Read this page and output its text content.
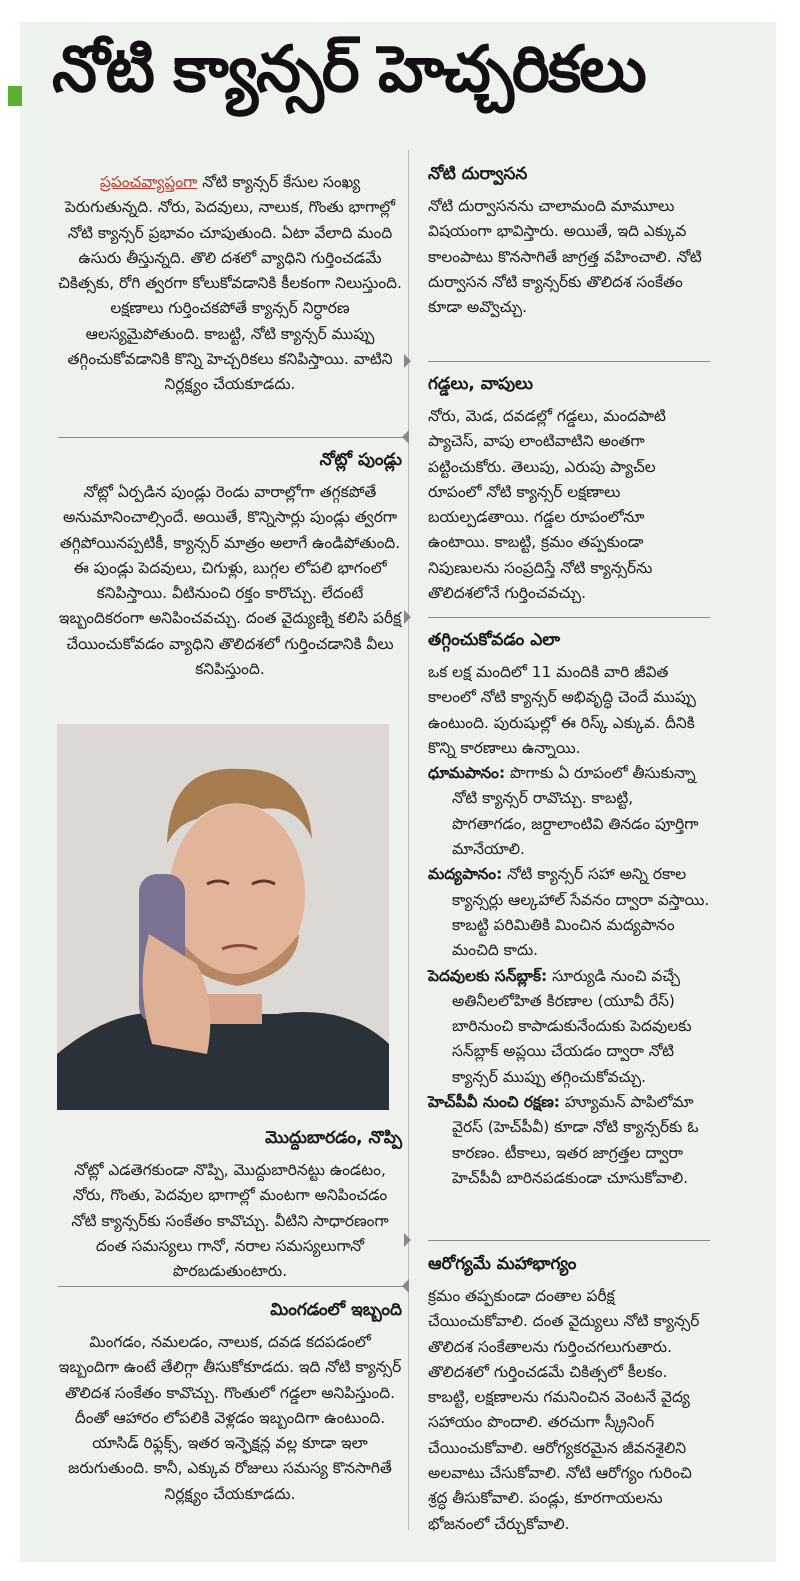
నోటి క్యాన్సర్ హెచ్చరికలు

ప్రపంచవ్యాప్తంగా నోటి క్యాన్సర్ కేసుల సంఖ్య పెరుగుతున్నది. నోరు, పెదవులు, నాలుక, గొంతు భాగాల్లో నోటి క్యాన్సర్ ప్రభావం చూపుతుంది. ఏటా వేలాది మంది ఉసురు తీస్తున్నది. తొలి దశలో వ్యాధిని గుర్తించడమే చికిత్సకు, రోగి త్వరగా కోలుకోవడానికి కీలకంగా నిలుస్తుంది. లక్షణాలు గుర్తించకపోతే క్యాన్సర్ నిర్ధారణ ఆలస్యమైపోతుంది. కాబట్టి, నోటి క్యాన్సర్ ముప్పు తగ్గించుకోవడానికి కొన్ని హెచ్చరికలు కనిపిస్తాయి. వాటిని నిర్లక్ష్యం చేయకూడదు.

నోట్లో పుండ్లు

నోట్లో ఏర్పడిన పుండ్లు రెండు వారాల్లోగా తగ్గకపోతే అనుమానించాల్సిందే. అయితే, కొన్నిసార్లు పుండ్లు త్వరగా తగ్గిపోయినప్పటికీ, క్యాన్సర్ మాత్రం అలాగే ఉండిపోతుంది. ఈ పుండ్లు పెదవులు, చిగుళ్లు, బుగ్గల లోపలి భాగంలో కనిపిస్తాయి. వీటినుంచి రక్తం కారొచ్చు. లేదంటే ఇబ్బందికరంగా అనిపించవచ్చు. దంత వైద్యుణ్ని కలిసి పరీక్ష చేయించుకోవడం వ్యాధిని తొలిదశలో గుర్తించడానికి వీలు కనిపిస్తుంది.

మొద్దుబారడం, నొప్పి

నోట్లో ఎడతెగకుండా నొప్పి, మొద్దుబారినట్టు ఉండటం, నోరు, గొంతు, పెదవుల భాగాల్లో మంటగా అనిపించడం నోటి క్యాన్సర్‌కు సంకేతం కావొచ్చు. వీటిని సాధారణంగా దంత సమస్యలు గానో, నరాల సమస్యలుగానో పొరబడుతుంటారు.

మింగడంలో ఇబ్బంది

మింగడం, నమలడం, నాలుక, దవడ కదపడంలో ఇబ్బందిగా ఉంటే తేలిగ్గా తీసుకోకూడదు. ఇది నోటి క్యాన్సర్ తొలిదశ సంకేతం కావొచ్చు. గొంతులో గడ్డలా అనిపిస్తుంది. దీంతో ఆహారం లోపలికి వెళ్లడం ఇబ్బందిగా ఉంటుంది. యాసిడ్ రిఫ్లక్స్, ఇతర ఇన్ఫెక్షన్ల వల్ల కూడా ఇలా జరుగుతుంది. కానీ, ఎక్కువ రోజులు సమస్య కొనసాగితే నిర్లక్ష్యం చేయకూడదు.

నోటి దుర్వాసన

నోటి దుర్వాసనను చాలామంది మామూలు విషయంగా భావిస్తారు. అయితే, ఇది ఎక్కువ కాలంపాటు కొనసాగితే జాగ్రత్త వహించాలి. నోటి దుర్వాసన నోటి క్యాన్సర్‌కు తొలిదశ సంకేతం కూడా అవ్వొచ్చు.

గడ్డలు, వాపులు

నోరు, మెడ, దవడల్లో గడ్డలు, మందపాటి ప్యాచెస్, వాపు లాంటివాటిని అంతగా పట్టించుకోరు. తెలుపు, ఎరుపు ప్యాచ్‌ల రూపంలో నోటి క్యాన్సర్ లక్షణాలు బయల్పడతాయి. గడ్డల రూపంలోనూ ఉంటాయి. కాబట్టి, క్రమం తప్పకుండా నిపుణులను సంప్రదిస్తే నోటి క్యాన్సర్‌ను తొలిదశలోనే గుర్తించవచ్చు.

తగ్గించుకోవడం ఎలా

ఒక లక్ష మందిలో 11 మందికి వారి జీవిత కాలంలో నోటి క్యాన్సర్ అభివృద్ధి చెందే ముప్పు ఉంటుంది. పురుషుల్లో ఈ రిస్క్ ఎక్కువ. దీనికి కొన్ని కారణాలు ఉన్నాయి.

ధూమపానం: పొగాకు ఏ రూపంలో తీసుకున్నా నోటి క్యాన్సర్ రావొచ్చు. కాబట్టి, పొగతాగడం, జర్దాలాంటివి తినడం పూర్తిగా మానేయాలి.

మద్యపానం: నోటి క్యాన్సర్ సహా అన్ని రకాల క్యాన్సర్లు ఆల్కహాల్ సేవనం ద్వారా వస్తాయి. కాబట్టి పరిమితికి మించిన మద్యపానం మంచిది కాదు.

పెదవులకు సన్‌బ్లాక్: సూర్యుడి నుంచి వచ్చే అతినీలలోహిత కిరణాల (యూవీ రేస్) బారినుంచి కాపాడుకునేందుకు పెదవులకు సన్‌బ్లాక్ అప్లయి చేయడం ద్వారా నోటి క్యాన్సర్ ముప్పు తగ్గించుకోవచ్చు.

హెచ్‌పీవీ నుంచి రక్షణ: హ్యూమన్ పాపిలోమా వైరస్ (హెచ్‌పీవీ) కూడా నోటి క్యాన్సర్‌కు ఓ కారణం. టీకాలు, ఇతర జాగ్రత్తల ద్వారా హెచ్‌పీవీ బారినపడకుండా చూసుకోవాలి.

ఆరోగ్యమే మహాభాగ్యం

క్రమం తప్పకుండా దంతాల పరీక్ష చేయించుకోవాలి. దంత వైద్యులు నోటి క్యాన్సర్ తొలిదశ సంకేతాలను గుర్తించగలుగుతారు. తొలిదశలో గుర్తించడమే చికిత్సలో కీలకం. కాబట్టి, లక్షణాలను గమనించిన వెంటనే వైద్య సహాయం పొందాలి. తరచుగా స్క్రీనింగ్ చేయించుకోవాలి. ఆరోగ్యకరమైన జీవనశైలిని అలవాటు చేసుకోవాలి. నోటి ఆరోగ్యం గురించి శ్రద్ధ తీసుకోవాలి. పండ్లు, కూరగాయలను భోజనంలో చేర్చుకోవాలి.
